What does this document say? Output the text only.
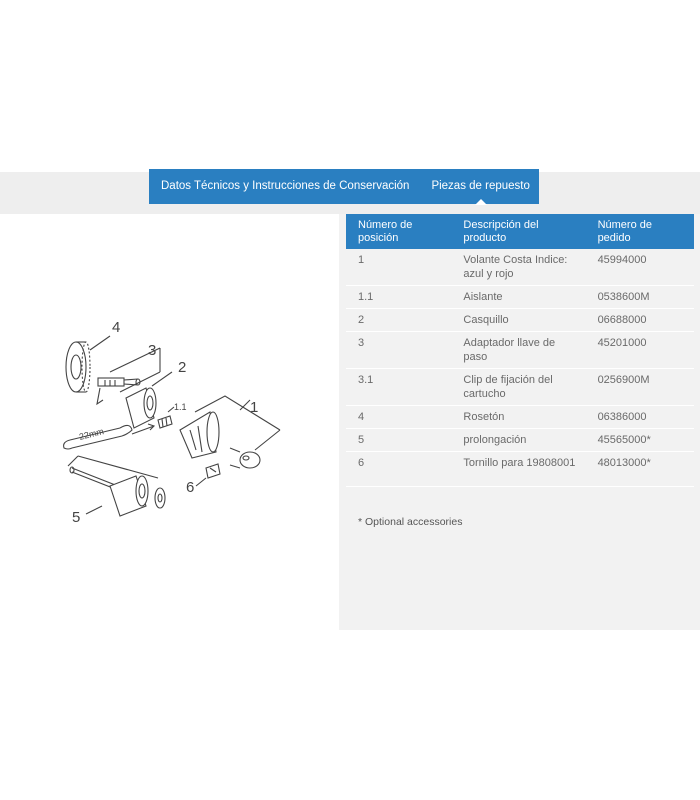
Datos Técnicos y Instrucciones de Conservación	Piezas de repuesto
Número de posición	Descripción del producto	Número de pedido
1	Volante Costa Indice: azul y rojo	45994000
1.1	Aislante	0538600M
2	Casquillo	06688000
3	Adaptador llave de paso	45201000
3.1	Clip de fijación del cartucho	0256900M
4	Rosetón	06386000
5	prolongación	45565000*
6	Tornillo para 19808001	48013000*
* Optional accessories
4
3
2
1.1	1
22mm
6
5
